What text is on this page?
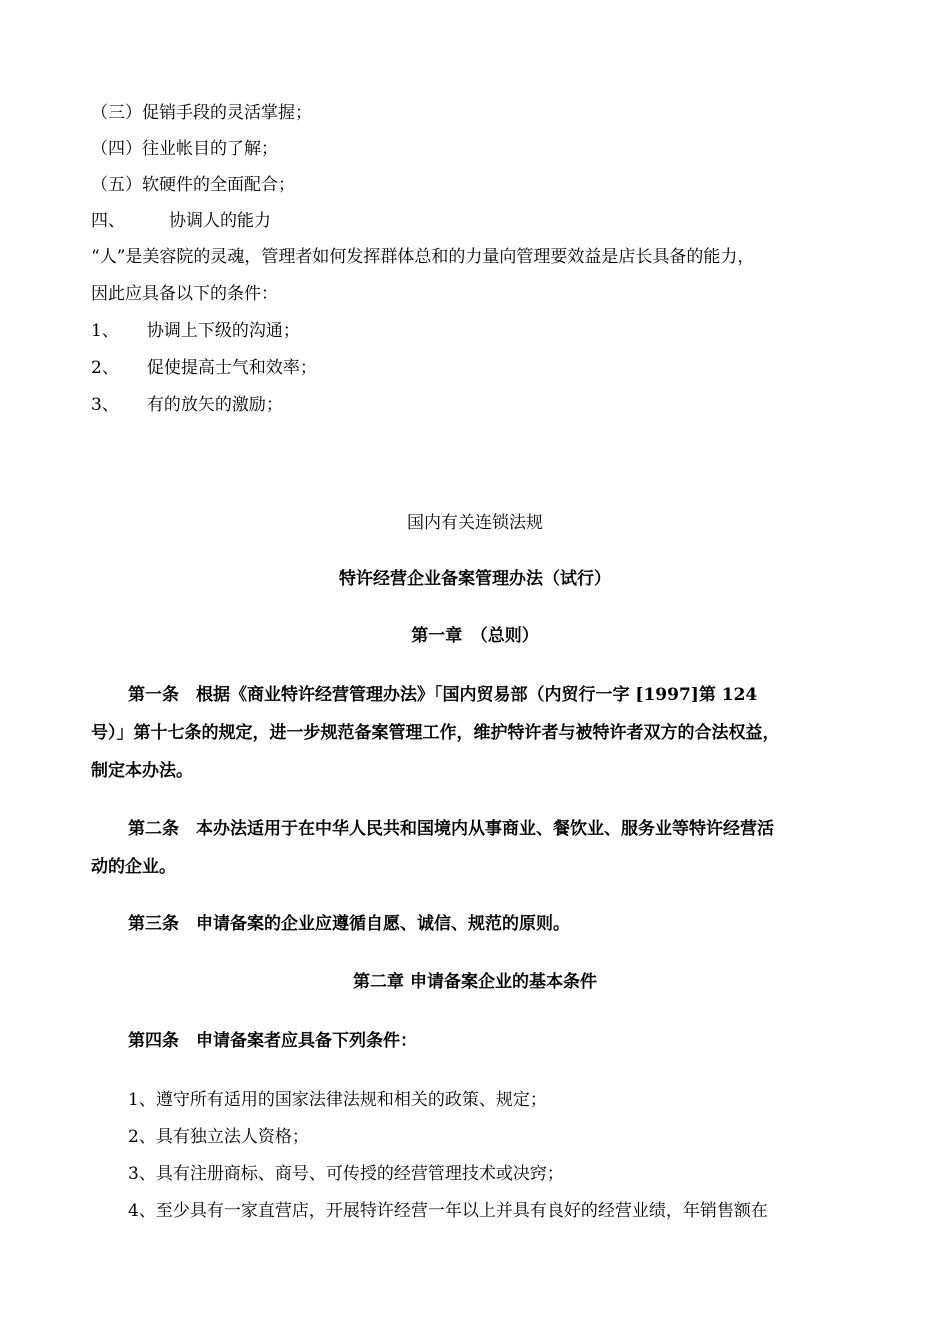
（三）促销手段的灵活掌握；
（四）往业帐目的了解；
（五）软硬件的全面配合；
四、	协调人的能力
“人”是美容院的灵魂，管理者如何发挥群体总和的力量向管理要效益是店长具备的能力，
因此应具备以下的条件：
1、 协调上下级的沟通；
2、 促使提高士气和效率；
3、 有的放矢的激励；
国内有关连锁法规
特许经营企业备案管理办法（试行）
第一章　（总则）
第一条　根据《商业特许经营管理办法》「国内贸易部（内贸行一字 [1997]第 124
号）」第十七条的规定，进一步规范备案管理工作，维护特许者与被特许者双方的合法权益，
制定本办法。
第二条　本办法适用于在中华人民共和国境内从事商业、餐饮业、服务业等特许经营活
动的企业。
第三条　申请备案的企业应遵循自愿、诚信、规范的原则。
第二章 申请备案企业的基本条件
第四条　申请备案者应具备下列条件：
1、遵守所有适用的国家法律法规和相关的政策、规定；
2、具有独立法人资格；
3、具有注册商标、商号、可传授的经营管理技术或决窍；
4、至少具有一家直营店，开展特许经营一年以上并具有良好的经营业绩，年销售额在
